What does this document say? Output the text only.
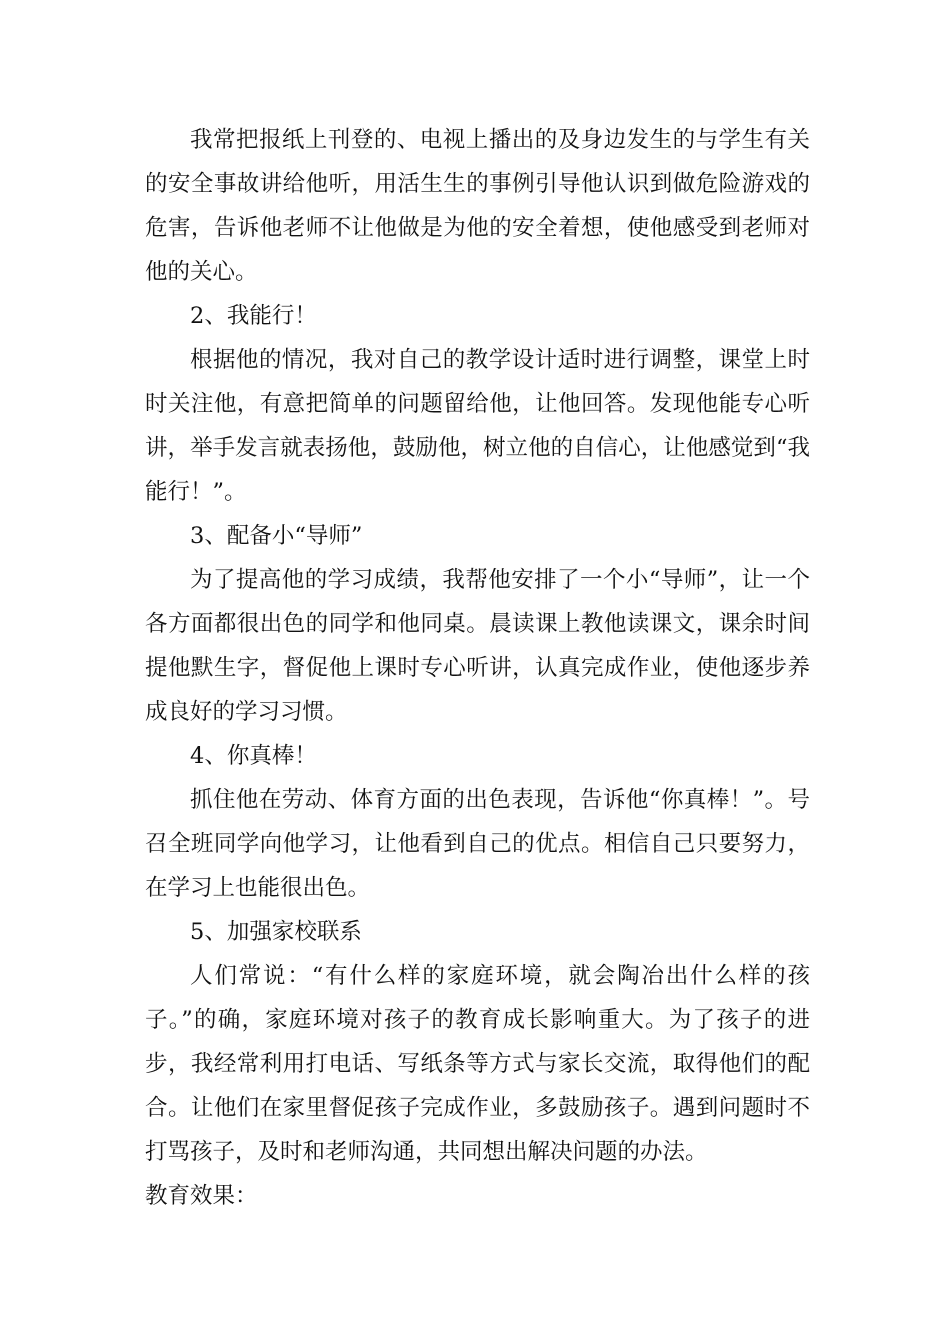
我常把报纸上刊登的、电视上播出的及身边发生的与学生有关的安全事故讲给他听，用活生生的事例引导他认识到做危险游戏的危害，告诉他老师不让他做是为他的安全着想，使他感受到老师对他的关心。

2、我能行！

根据他的情况，我对自己的教学设计适时进行调整，课堂上时时关注他，有意把简单的问题留给他，让他回答。发现他能专心听讲，举手发言就表扬他，鼓励他，树立他的自信心，让他感觉到“我能行！”。

3、配备小“导师”

为了提高他的学习成绩，我帮他安排了一个小“导师”，让一个各方面都很出色的同学和他同桌。晨读课上教他读课文，课余时间提他默生字，督促他上课时专心听讲，认真完成作业，使他逐步养成良好的学习习惯。

4、你真棒！

抓住他在劳动、体育方面的出色表现，告诉他“你真棒！”。号召全班同学向他学习，让他看到自己的优点。相信自己只要努力，在学习上也能很出色。

5、加强家校联系

人们常说：“有什么样的家庭环境，就会陶冶出什么样的孩子。”的确，家庭环境对孩子的教育成长影响重大。为了孩子的进步，我经常利用打电话、写纸条等方式与家长交流，取得他们的配合。让他们在家里督促孩子完成作业，多鼓励孩子。遇到问题时不打骂孩子，及时和老师沟通，共同想出解决问题的办法。

教育效果：
